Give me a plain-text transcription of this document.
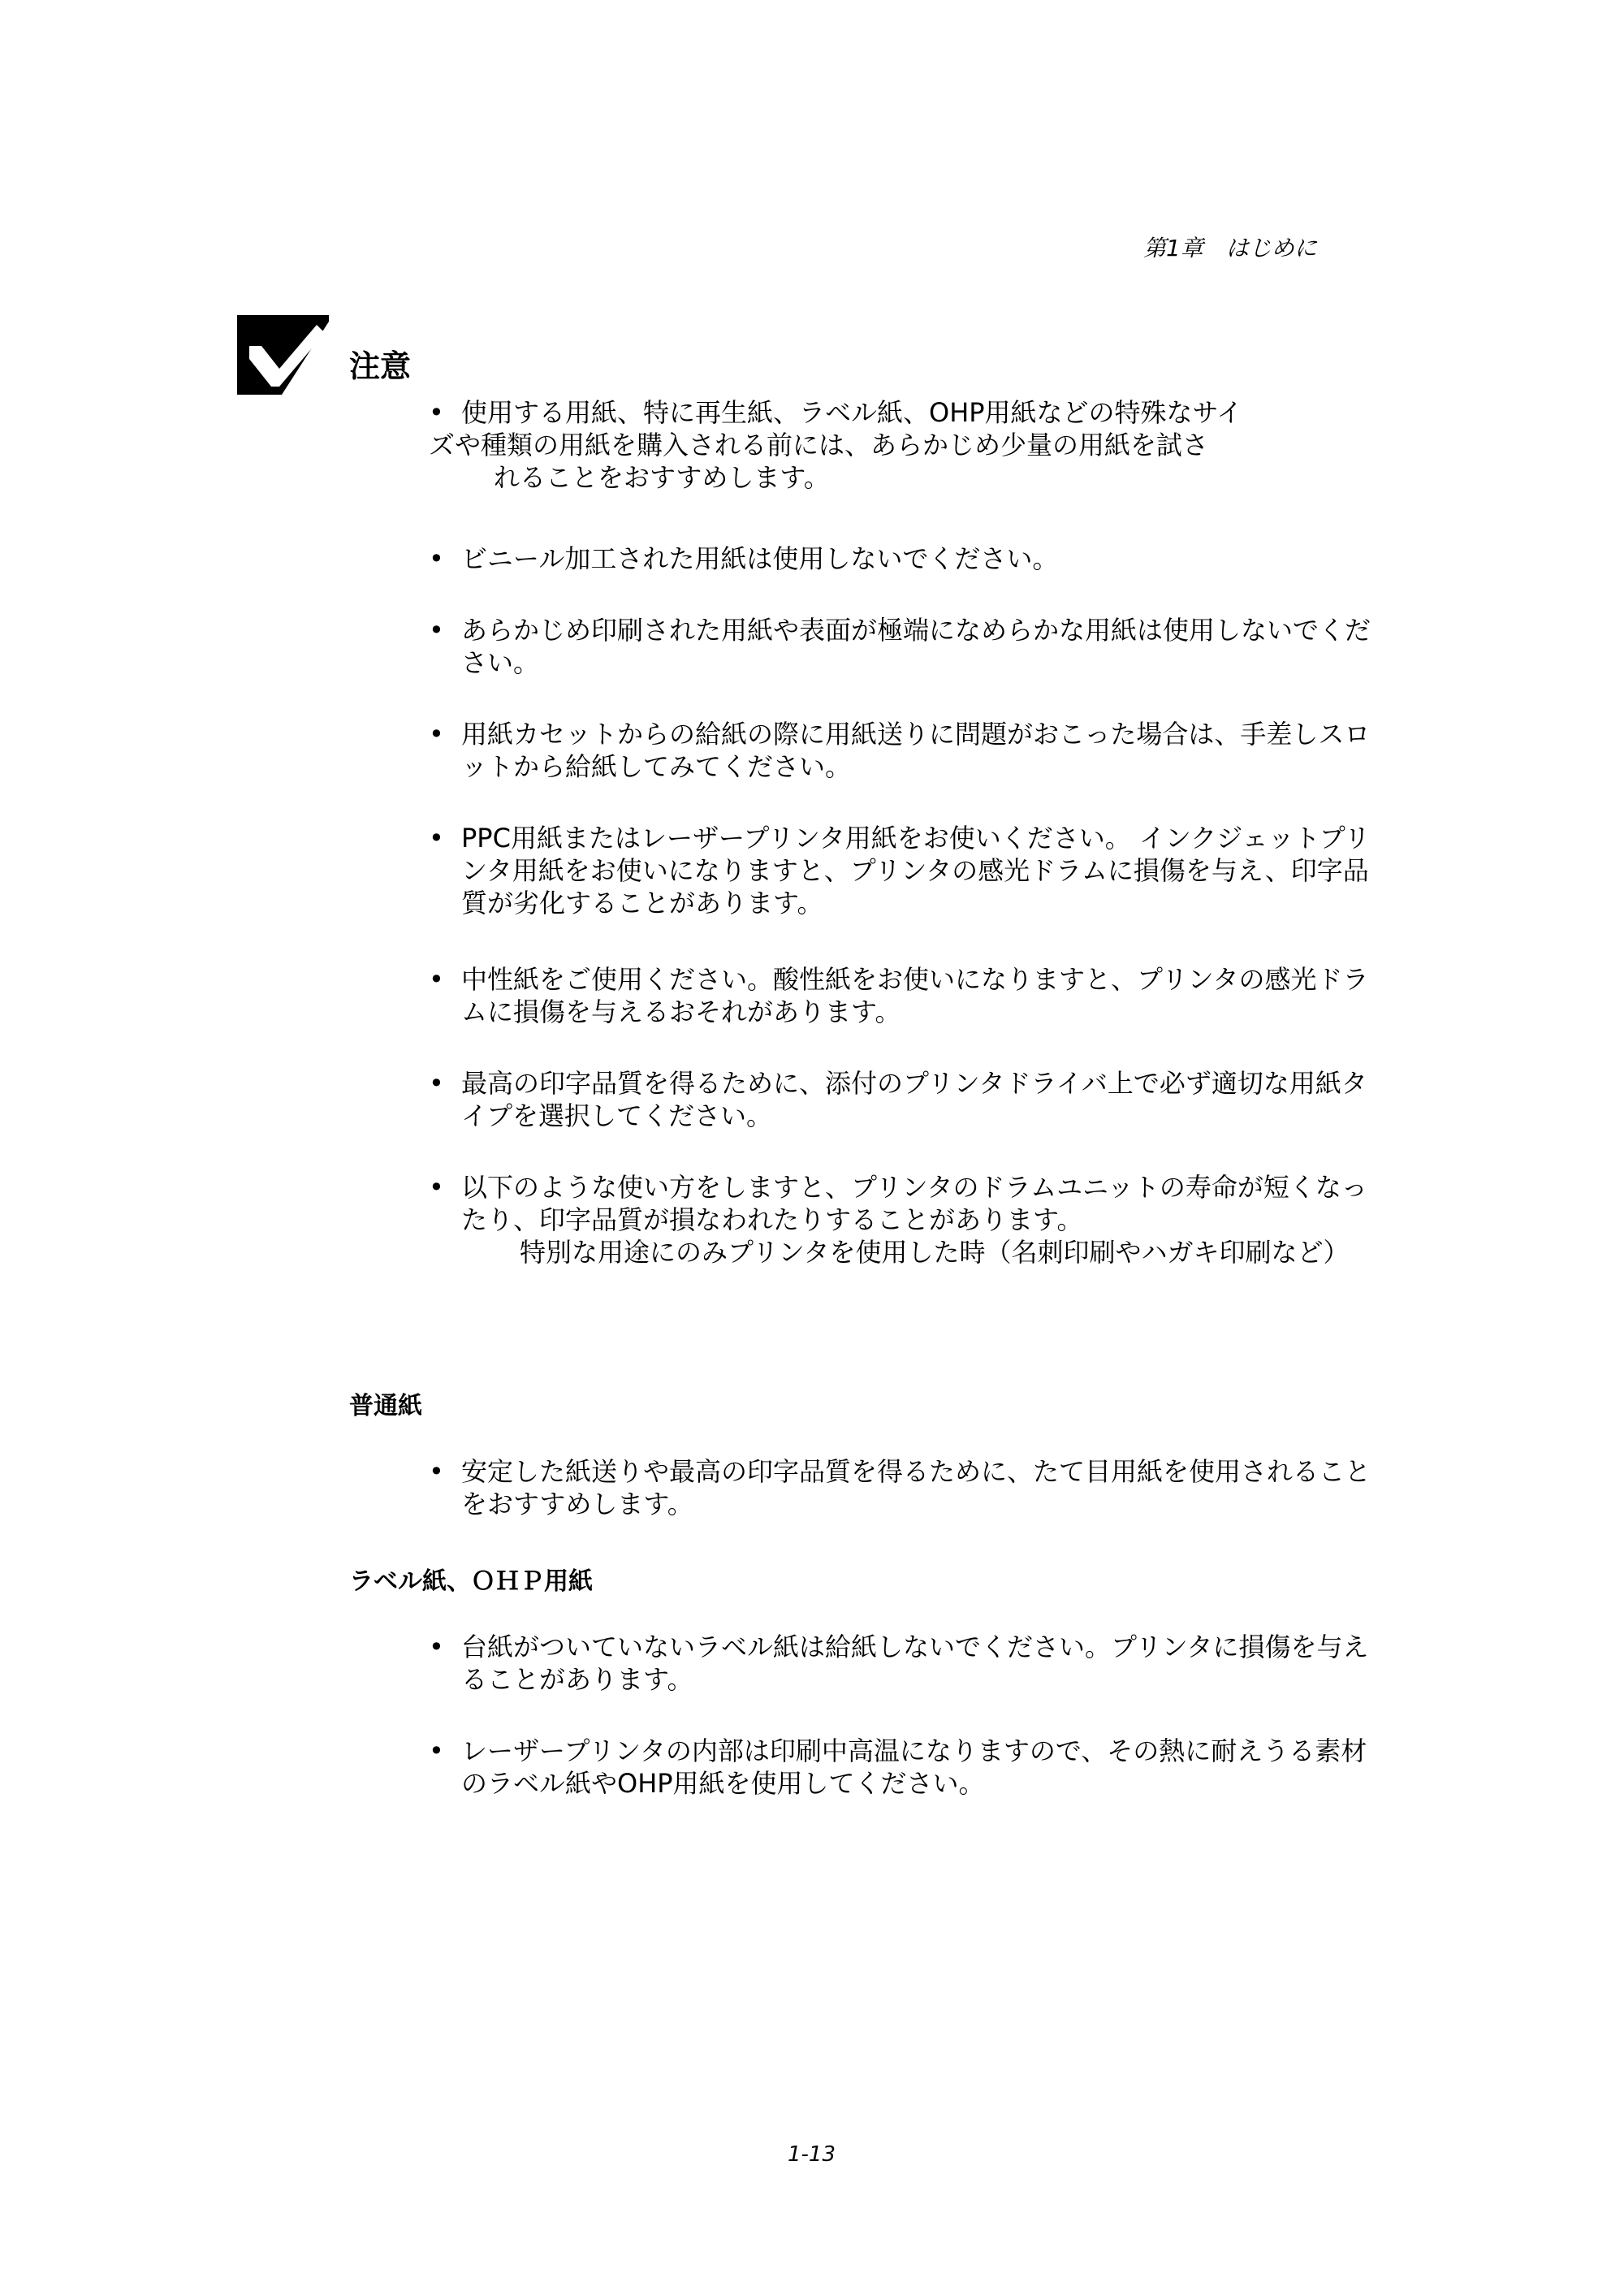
第1章　はじめに
注意
• 使用する用紙、特に再生紙、ラベル紙、OHP用紙などの特殊なサイ
ズや種類の用紙を購入される前には、あらかじめ少量の用紙を試さ
れることをおすすめします。
• ビニール加工された用紙は使用しないでください。
• あらかじめ印刷された用紙や表面が極端になめらかな用紙は使用しないでください。
• 用紙カセットからの給紙の際に用紙送りに問題がおこった場合は、手差しスロットから給紙してみてください。
• PPC用紙またはレーザープリンタ用紙をお使いください。 インクジェットプリンタ用紙をお使いになりますと、プリンタの感光ドラムに損傷を与え、印字品質が劣化することがあります。
• 中性紙をご使用ください。酸性紙をお使いになりますと、プリンタの感光ドラムに損傷を与えるおそれがあります。
• 最高の印字品質を得るために、添付のプリンタドライバ上で必ず適切な用紙タイプを選択してください。
• 以下のような使い方をしますと、プリンタのドラムユニットの寿命が短くなったり、印字品質が損なわれたりすることがあります。
特別な用途にのみプリンタを使用した時（名刺印刷やハガキ印刷など）
普通紙
• 安定した紙送りや最高の印字品質を得るために、たて目用紙を使用されることをおすすめします。
ラベル紙、ＯＨＰ用紙
• 台紙がついていないラベル紙は給紙しないでください。プリンタに損傷を与えることがあります。
• レーザープリンタの内部は印刷中高温になりますので、その熱に耐えうる素材のラベル紙やOHP用紙を使用してください。
1-13
